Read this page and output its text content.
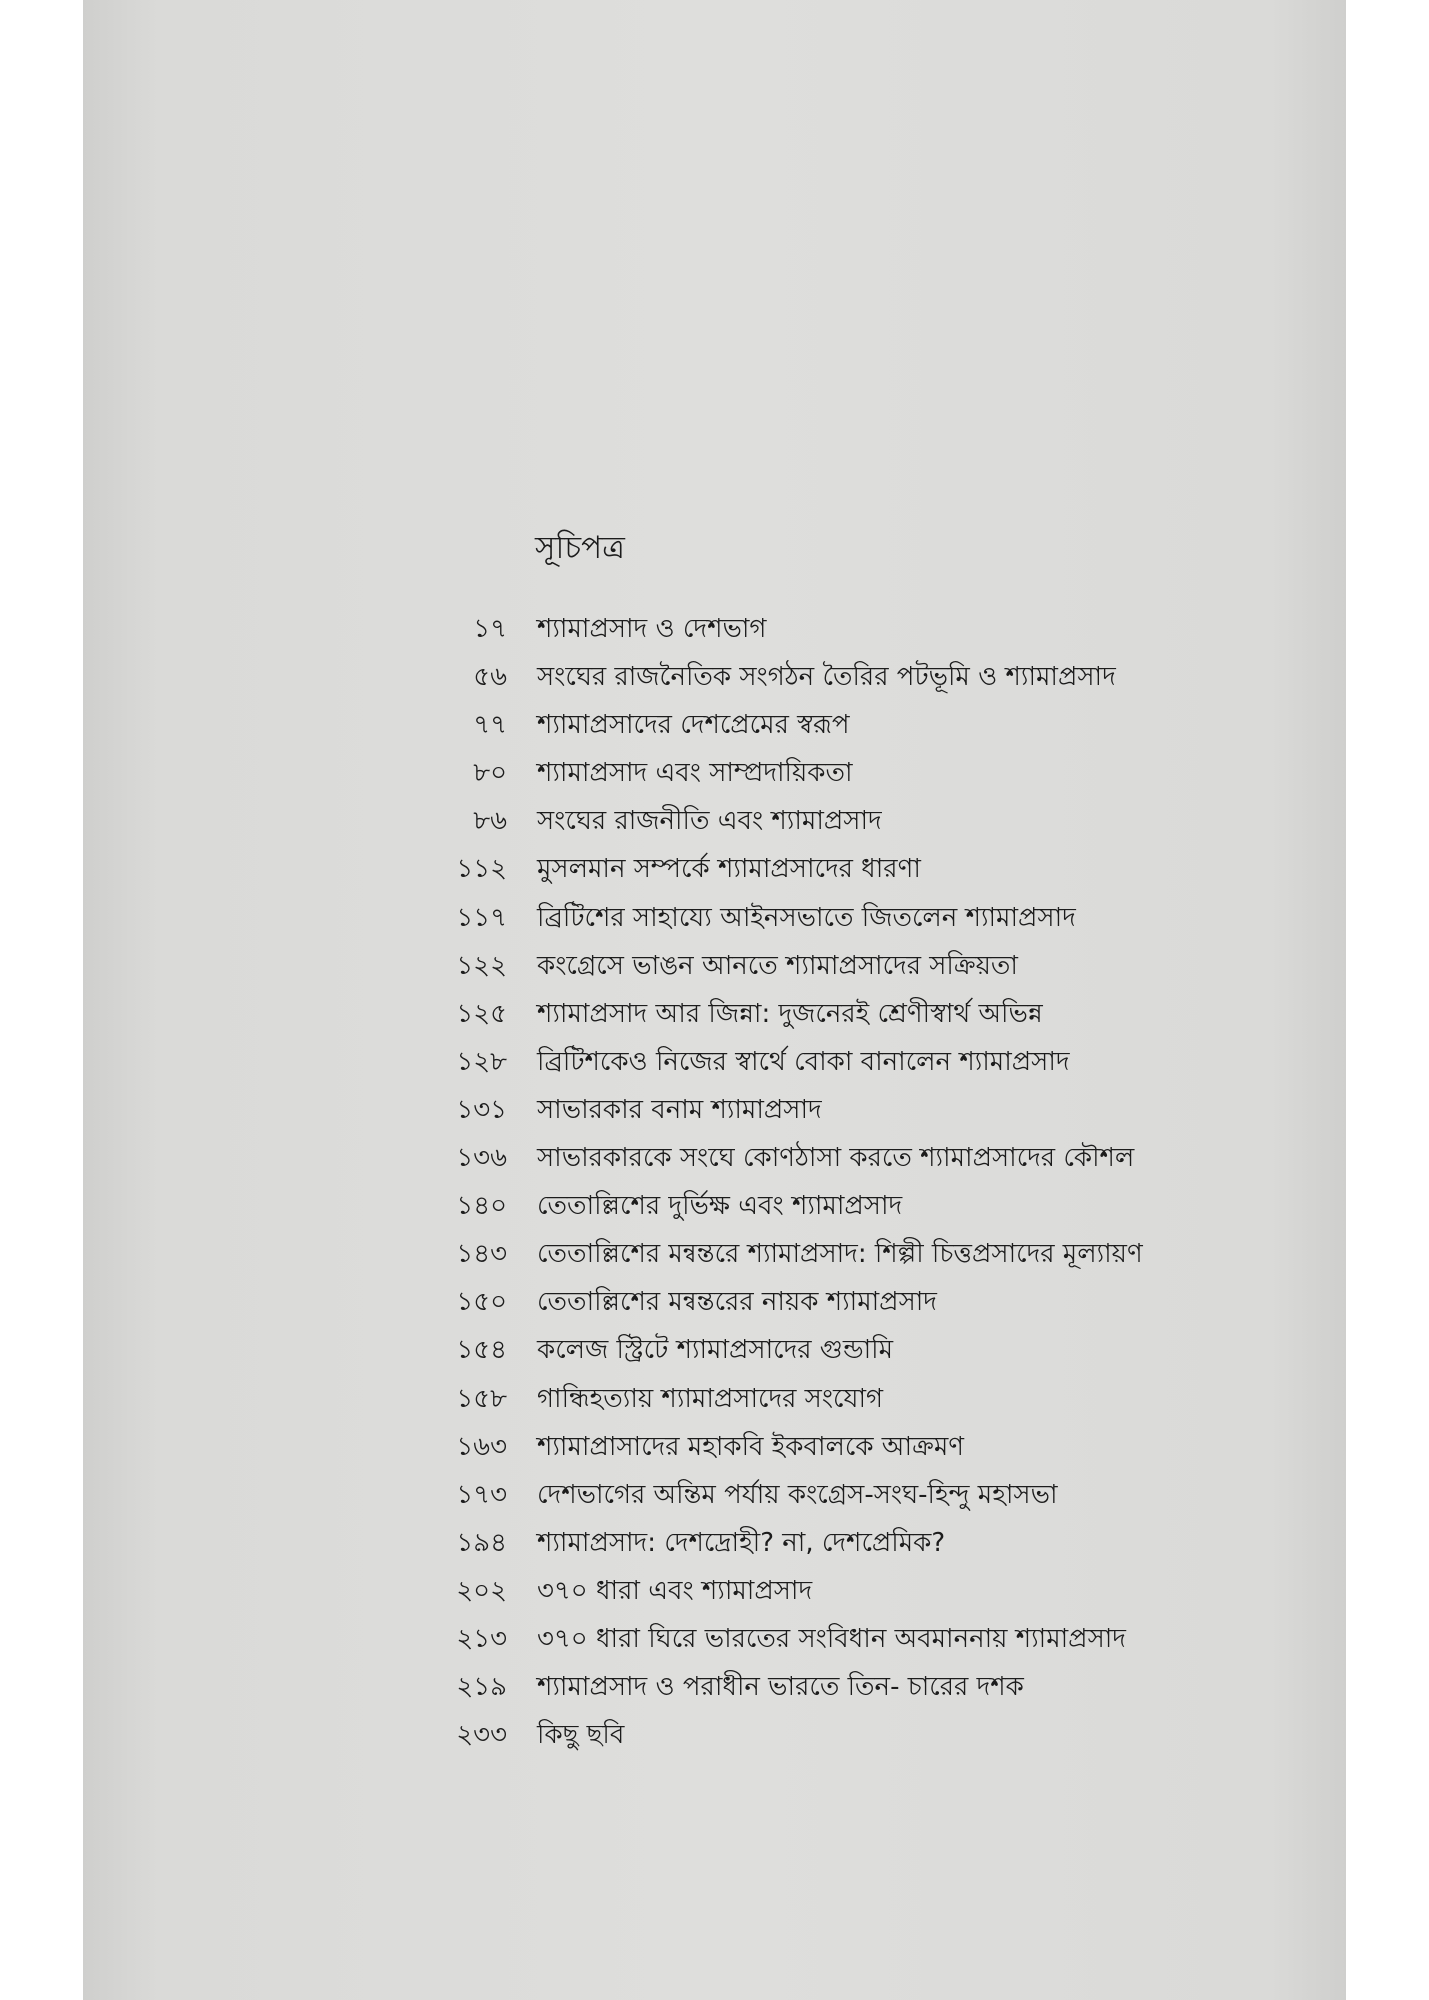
সূচিপত্র
১৭ শ্যামাপ্রসাদ ও দেশভাগ
৫৬ সংঘের রাজনৈতিক সংগঠন তৈরির পটভূমি ও শ্যামাপ্রসাদ
৭৭ শ্যামাপ্রসাদের দেশপ্রেমের স্বরূপ
৮০ শ্যামাপ্রসাদ এবং সাম্প্রদায়িকতা
৮৬ সংঘের রাজনীতি এবং শ্যামাপ্রসাদ
১১২ মুসলমান সম্পর্কে শ্যামাপ্রসাদের ধারণা
১১৭ ব্রিটিশের সাহায্যে আইনসভাতে জিতলেন শ্যামাপ্রসাদ
১২২ কংগ্রেসে ভাঙন আনতে শ্যামাপ্রসাদের সক্রিয়তা
১২৫ শ্যামাপ্রসাদ আর জিন্না: দুজনেরই শ্রেণীস্বার্থ অভিন্ন
১২৮ ব্রিটিশকেও নিজের স্বার্থে বোকা বানালেন শ্যামাপ্রসাদ
১৩১ সাভারকার বনাম শ্যামাপ্রসাদ
১৩৬ সাভারকারকে সংঘে কোণঠাসা করতে শ্যামাপ্রসাদের কৌশল
১৪০ তেতাল্লিশের দুর্ভিক্ষ এবং শ্যামাপ্রসাদ
১৪৩ তেতাল্লিশের মন্বন্তরে শ্যামাপ্রসাদ: শিল্পী চিত্তপ্রসাদের মূল্যায়ণ
১৫০ তেতাল্লিশের মন্বন্তরের নায়ক শ্যামাপ্রসাদ
১৫৪ কলেজ স্ট্রিটে শ্যামাপ্রসাদের গুন্ডামি
১৫৮ গান্ধিহত্যায় শ্যামাপ্রসাদের সংযোগ
১৬৩ শ্যামাপ্রাসাদের মহাকবি ইকবালকে আক্রমণ
১৭৩ দেশভাগের অন্তিম পর্যায় কংগ্রেস-সংঘ-হিন্দু মহাসভা
১৯৪ শ্যামাপ্রসাদ: দেশদ্রোহী? না, দেশপ্রেমিক?
২০২ ৩৭০ ধারা এবং শ্যামাপ্রসাদ
২১৩ ৩৭০ ধারা ঘিরে ভারতের সংবিধান অবমাননায় শ্যামাপ্রসাদ
২১৯ শ্যামাপ্রসাদ ও পরাধীন ভারতে তিন- চারের দশক
২৩৩ কিছু ছবি
